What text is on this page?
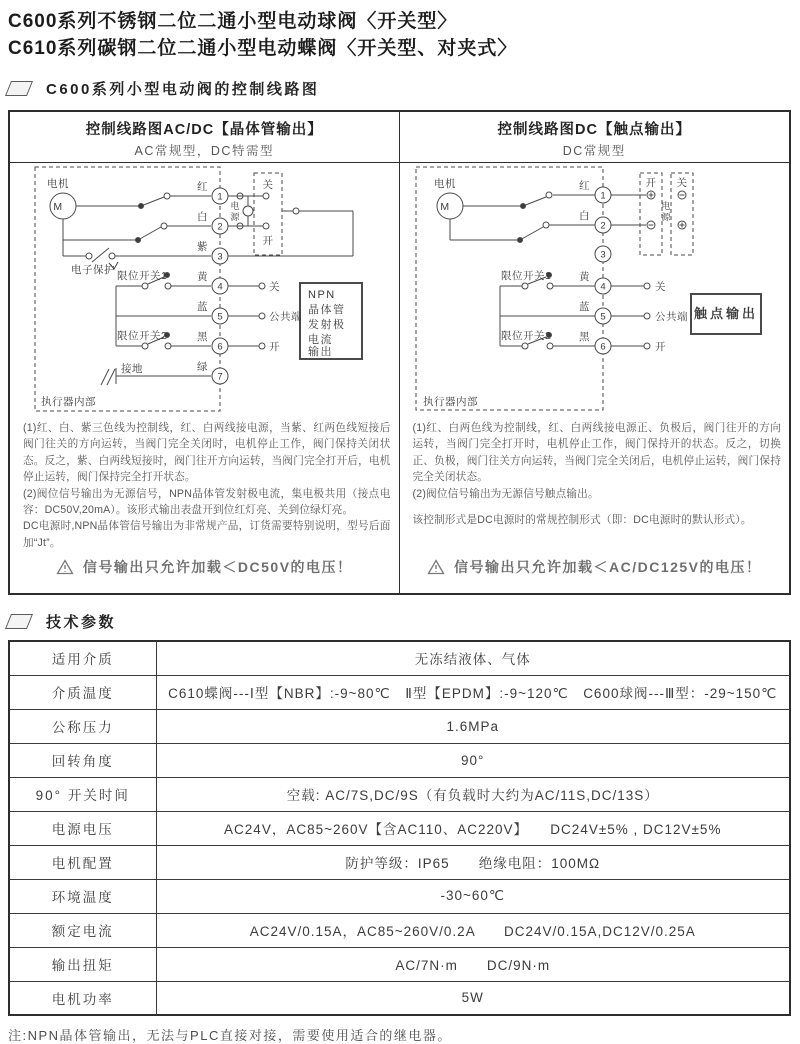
C600系列不锈钢二位二通小型电动球阀〈开关型〉
C610系列碳钢二位二通小型电动蝶阀〈开关型、对夹式〉
C600系列小型电动阀的控制线路图
控制线路图AC/DC【晶体管输出】
AC常规型，DC特需型
控制线路图DC【触点输出】
DC常规型
电机
M
电子保护 限位开关1
限位开关2
接地
执行器内部
红
白
紫
黄
蓝
黑
绿
1
2
3
4
5
6
7
关
开
电
源
关
公共端
开
NPN
晶体管
发射极
电流
输出
电机
M
限位开关1
限位开关2
执行器内部
红
白
黄
蓝
黑
1
2
3
4
5
6
开 关
电
源
关
公共端
开
触点输出

(1)红、白、紫三色线为控制线，红、白两线接电源，当紫、红两色线短接后阀门往关的方向运转，当阀门完全关闭时，电机停止工作，阀门保持关闭状态。反之，紫、白两线短接时，阀门往开方向运转，当阀门完全打开后，电机停止运转，阀门保持完全打开状态。

(2)阀位信号输出为无源信号，NPN晶体管发射极电流，集电极共用（接点电容：DC50V,20mA）。该形式输出表盘开到位红灯亮、关到位绿灯亮。

DC电源时,NPN晶体管信号输出为非常规产品，订货需要特别说明，型号后面加“Jt”。

(1)红、白两色线为控制线，红、白两线接电源正、负极后，阀门往开的方向运转，当阀门完全打开时，电机停止工作，阀门保持开的状态。反之，切换正、负极，阀门往关方向运转，当阀门完全关闭后，电机停止运转，阀门保持完全关闭状态。

(2)阀位信号输出为无源信号触点输出。

该控制形式是DC电源时的常规控制形式（即：DC电源时的默认形式）。

信号输出只允许加载＜DC50V的电压！	信号输出只允许加载＜AC/DC125V的电压！
技术参数
适用介质	无冻结液体、气体
介质温度	C610蝶阀---Ⅰ型【NBR】:-9~80℃　Ⅱ型【EPDM】:-9~120℃　C600球阀---Ⅲ型：-29~150℃
公称压力	1.6MPa
回转角度	90°
90° 开关时间	空载: AC/7S,DC/9S（有负载时大约为AC/11S,DC/13S）
电源电压	AC24V，AC85~260V【含AC110、AC220V】　　DC24V±5% , DC12V±5%
电机配置	防护等级：IP65　　绝缘电阻：100MΩ
环境温度	-30~60℃
额定电流	AC24V/0.15A，AC85~260V/0.2A　　DC24V/0.15A,DC12V/0.25A
输出扭矩	AC/7N·m　　DC/9N·m
电机功率	5W
注:NPN晶体管输出，无法与PLC直接对接，需要使用适合的继电器。
